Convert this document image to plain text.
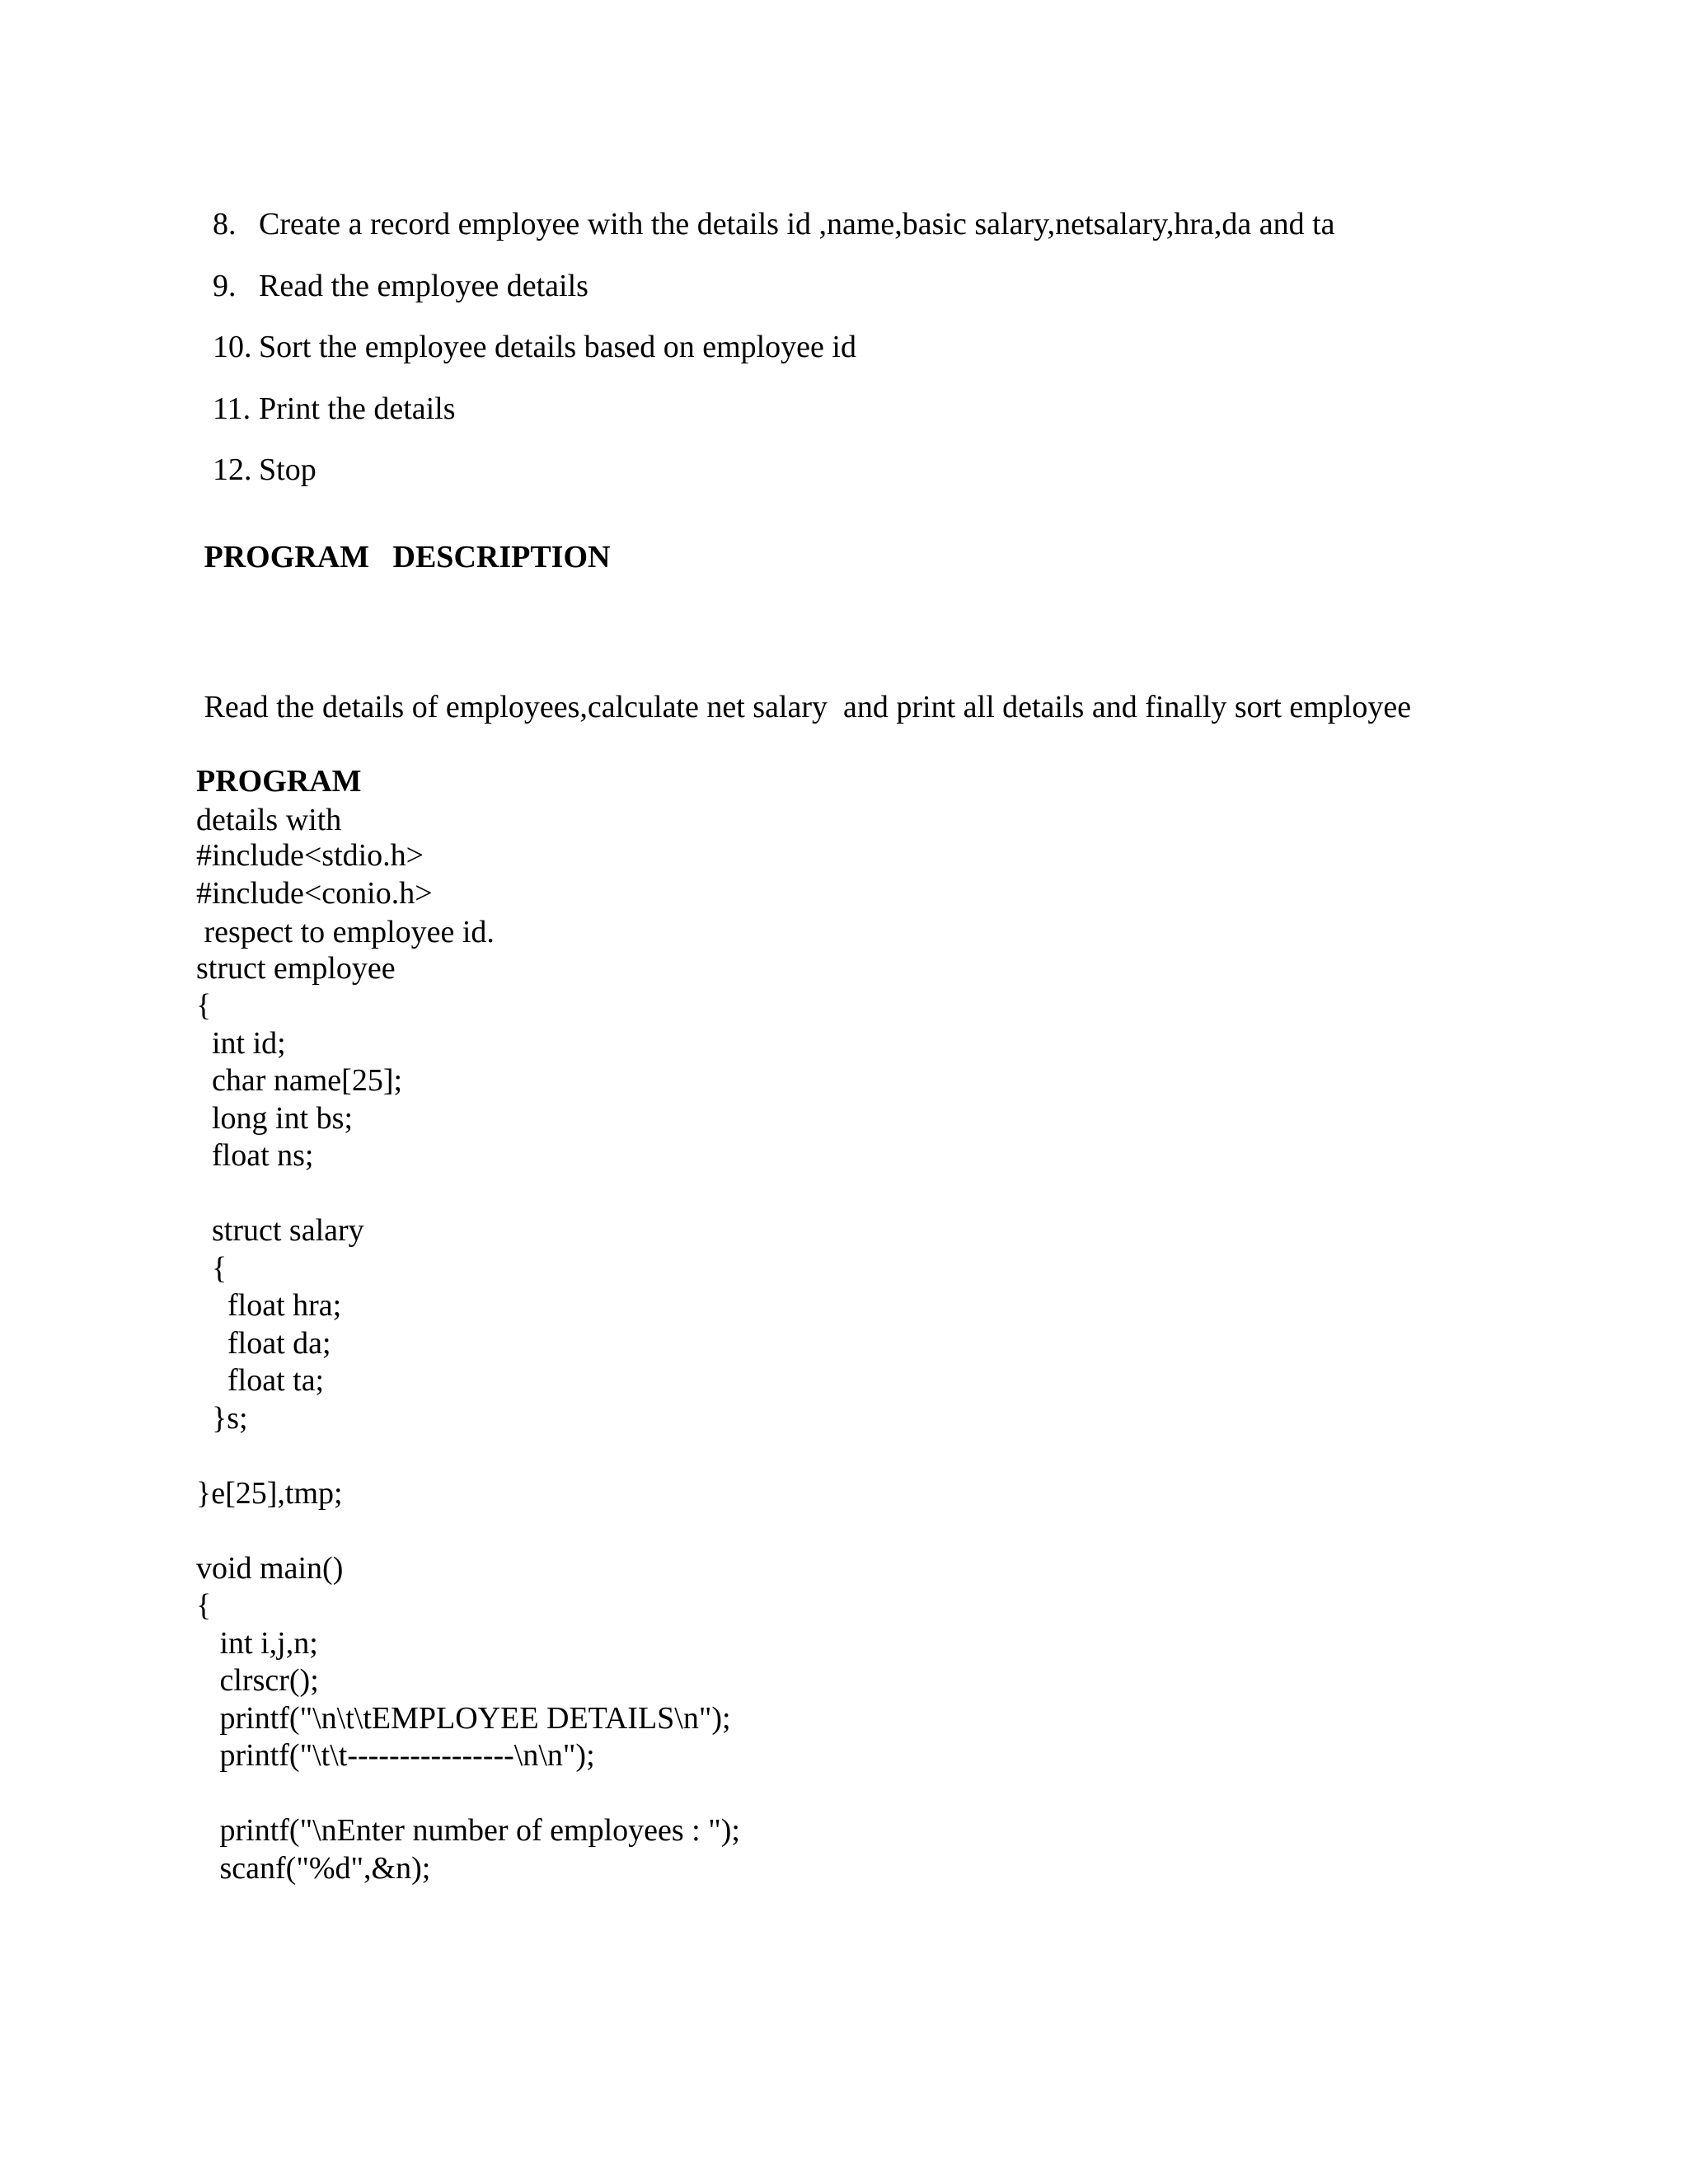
8. Create a record employee with the details id ,name,basic salary,netsalary,hra,da and ta
9. Read the employee details
10. Sort the employee details based on employee id
11. Print the details
12. Stop
PROGRAM   DESCRIPTION

Read the details of employees,calculate net salary  and print all details and finally sort employee

details with

respect to employee id.

PROGRAM
#include<stdio.h>
#include<conio.h>
struct employee
{
int id;
char name[25];
long int bs;
float ns;
struct salary
{
float hra;
float da;
float ta;
}s;
}e[25],tmp;
void main()
{
int i,j,n;
clrscr();
printf("\n\t\tEMPLOYEE DETAILS\n");
printf("\t\t----------------\n\n");
printf("\nEnter number of employees : ");
scanf("%d",&n);
